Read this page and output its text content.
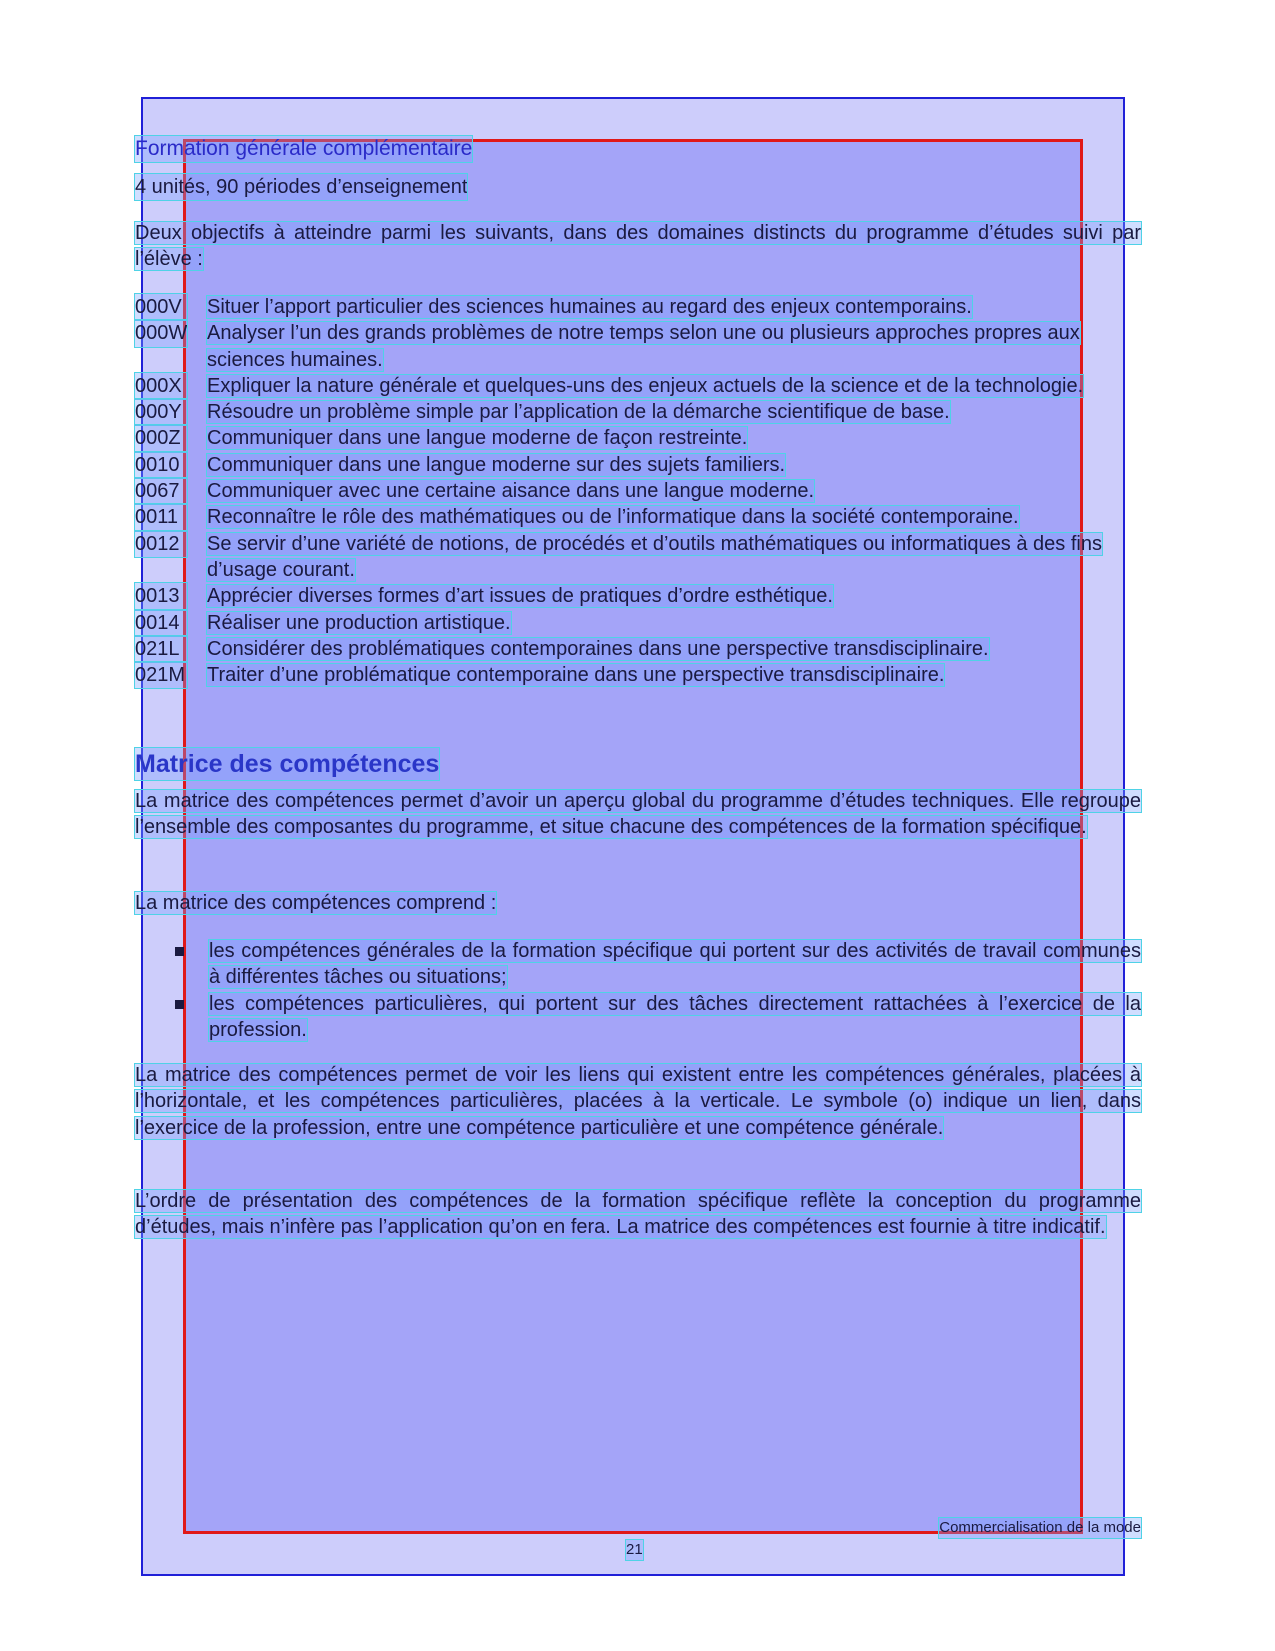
Formation générale complémentaire
4 unités, 90 périodes d’enseignement
Deux objectifs à atteindre parmi les suivants, dans des domaines distincts du programme d’études suivi par l’élève :
000V Situer l’apport particulier des sciences humaines au regard des enjeux contemporains.
000W Analyser l’un des grands problèmes de notre temps selon une ou plusieurs approches propres aux sciences humaines.
000X Expliquer la nature générale et quelques-uns des enjeux actuels de la science et de la technologie.
000Y Résoudre un problème simple par l’application de la démarche scientifique de base.
000Z	Communiquer dans une langue moderne de façon restreinte.
0010	Communiquer dans une langue moderne sur des sujets familiers.
0067	Communiquer avec une certaine aisance dans une langue moderne.
0011	Reconnaître le rôle des mathématiques ou de l’informatique dans la société contemporaine.
0012	Se servir d’une variété de notions, de procédés et d’outils mathématiques ou informatiques à des fins d’usage courant.
0013	Apprécier diverses formes d’art issues de pratiques d’ordre esthétique.
0014	Réaliser une production artistique.
021L	Considérer des problématiques contemporaines dans une perspective transdisciplinaire.
021M Traiter d’une problématique contemporaine dans une perspective transdisciplinaire.
Matrice des compétences
La matrice des compétences permet d’avoir un aperçu global du programme d’études techniques. Elle regroupe l’ensemble des composantes du programme, et situe chacune des compétences de la formation spécifique.
La matrice des compétences comprend :
les compétences générales de la formation spécifique qui portent sur des activités de travail communes à différentes tâches ou situations;
les compétences particulières, qui portent sur des tâches directement rattachées à l’exercice de la profession.
La matrice des compétences permet de voir les liens qui existent entre les compétences générales, placées à l’horizontale, et les compétences particulières, placées à la verticale. Le symbole (o) indique un lien, dans l’exercice de la profession, entre une compétence particulière et une compétence générale.
L’ordre de présentation des compétences de la formation spécifique reflète la conception du programme d’études, mais n’infère pas l’application qu’on en fera. La matrice des compétences est fournie à titre indicatif.
Commercialisation de la mode
21
